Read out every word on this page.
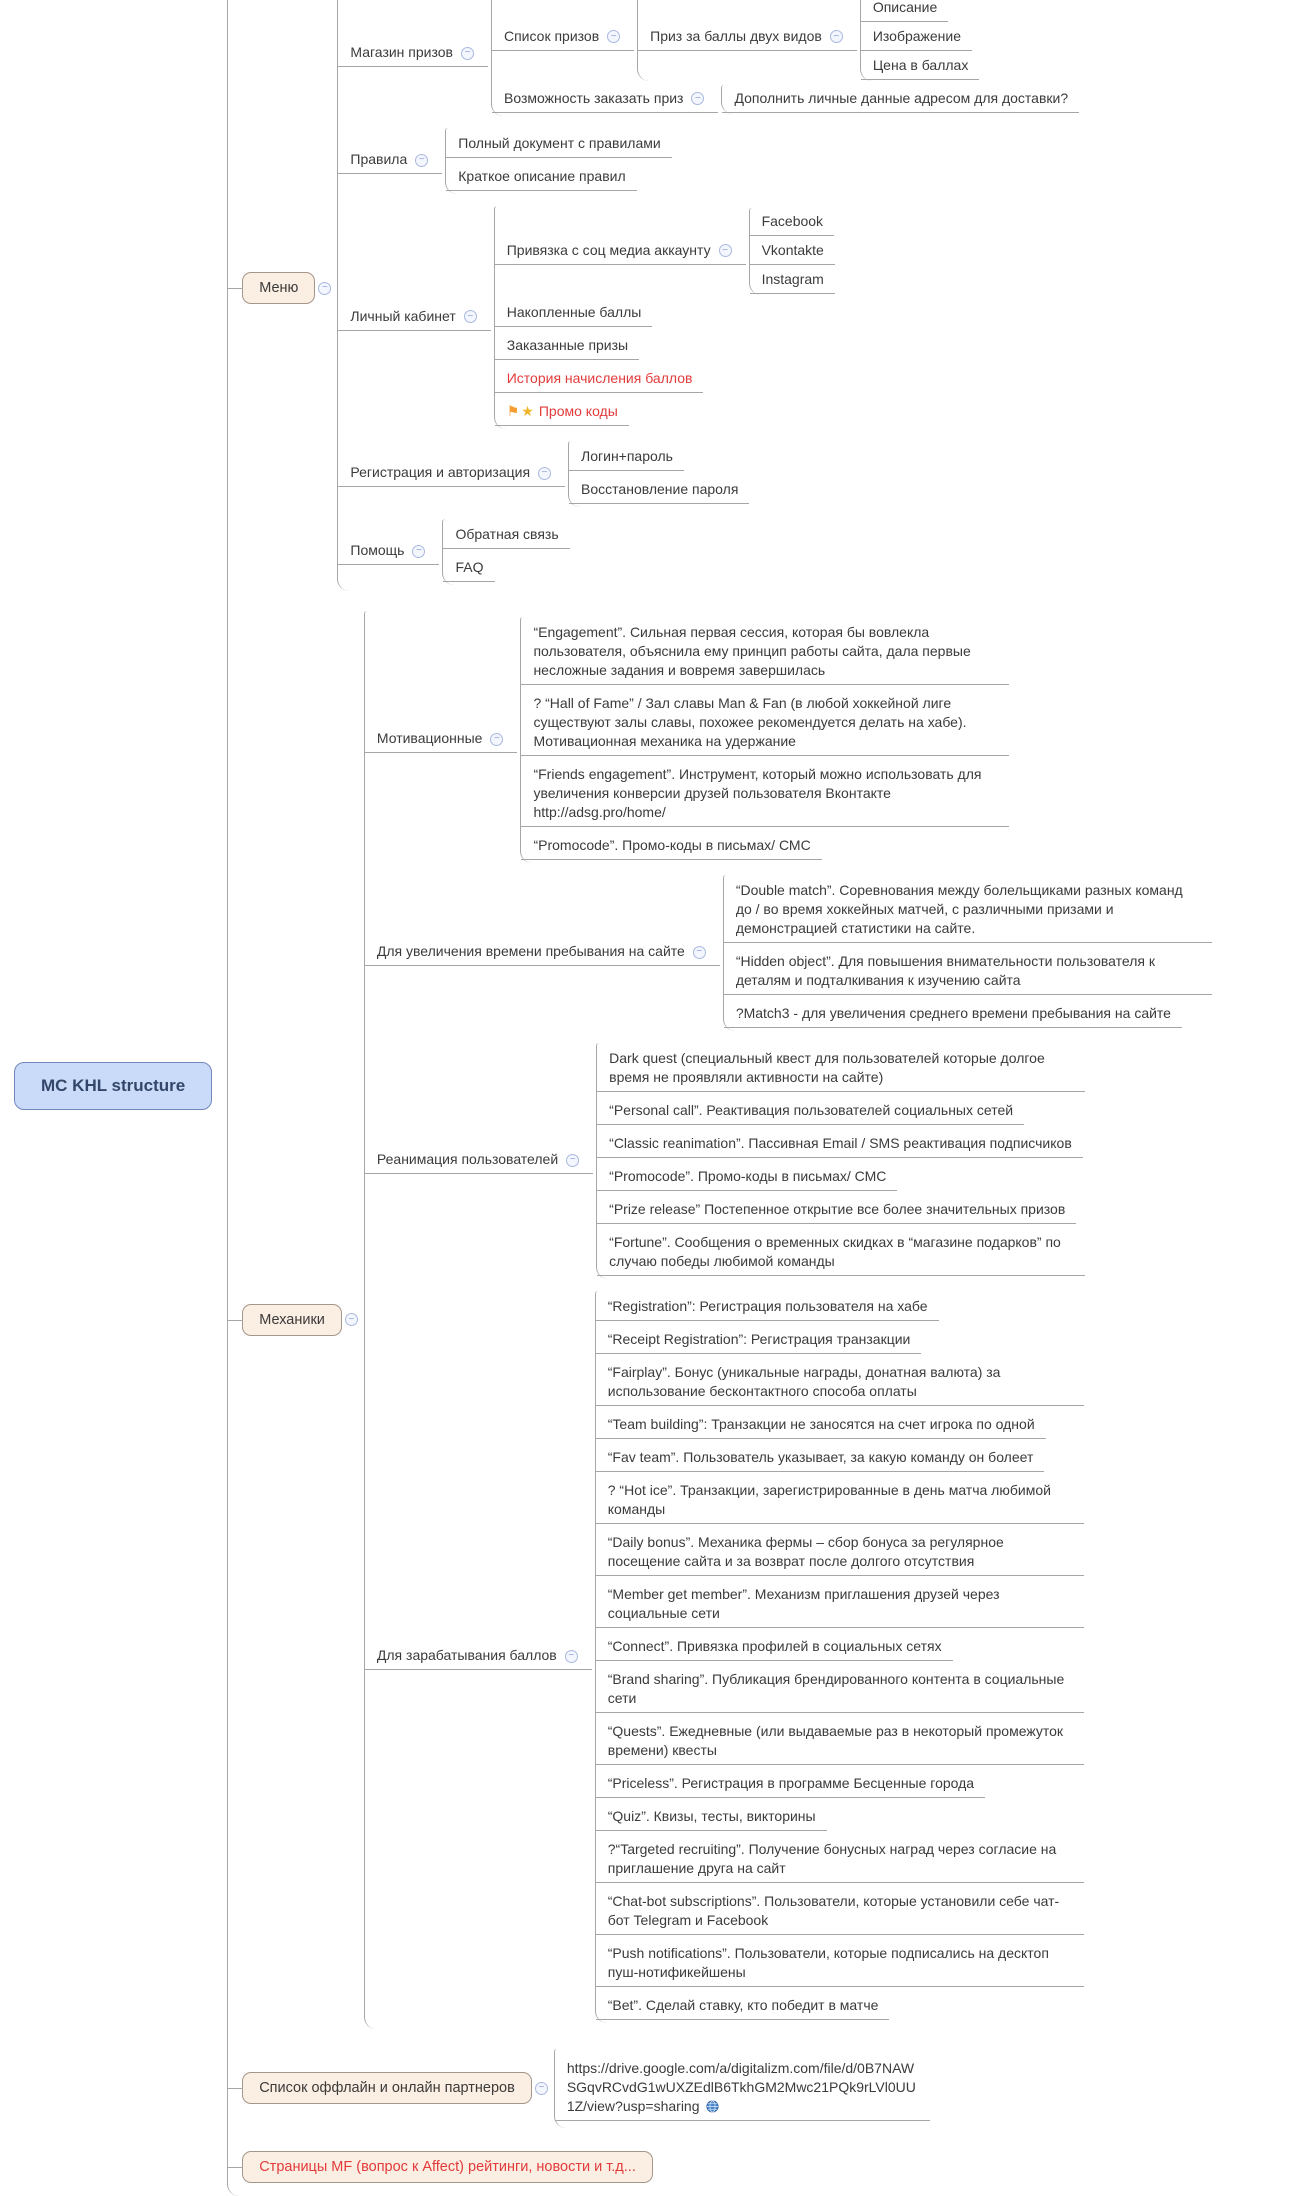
MC KHL structure
Меню	−
Магазин призов −
Список призов −	Приз за баллы двух видов −
Описание
Изображение
Цена в баллах
Возможность заказать приз −	Дополнить личные данные адресом для доставки?
Правила −
Полный документ с правилами
Краткое описание правил
Личный кабинет −
Привязка с соц медиа аккаунту −
Facebook
Vkontakte
Instagram
Накопленные баллы
Заказанные призы
История начисления баллов
⚑ ★ Промо коды
Регистрация и авторизация −
Логин+пароль
Восстановление пароля
Помощь −
Обратная связь
FAQ
Механики	−
Мотивационные −
“Engagement”. Сильная первая сессия, которая бы вовлекла пользователя, объяснила ему принцип работы сайта, дала первые несложные задания и вовремя завершилась
? “Hall of Fame” / Зал славы Man & Fan (в любой хоккейной лиге существуют залы славы, похожее рекомендуется делать на хабе). Мотивационная механика на удержание
“Friends engagement”. Инструмент, который можно использовать для увеличения конверсии друзей пользователя Вконтакте http://adsg.pro/home/
“Promocode”. Промо-коды в письмах/ СМС
Для увеличения времени пребывания на сайте −
“Double match”. Соревнования между болельщиками разных команд до / во время хоккейных матчей, с различными призами и демонстрацией статистики на сайте.
“Hidden object”. Для повышения внимательности пользователя к деталям и подталкивания к изучению сайта
?Match3 - для увеличения среднего времени пребывания на сайте
Реанимация пользователей −
Dark quest (специальный квест для пользователей которые долгое время не проявляли активности на сайте)
“Personal call”. Реактивация пользователей социальных сетей
“Classic reanimation”. Пассивная Email / SMS реактивация подписчиков
“Promocode”. Промо-коды в письмах/ СМС
“Prize release” Постепенное открытие все более значительных призов
“Fortune”. Сообщения о временных скидках в “магазине подарков” по случаю победы любимой команды
Для зарабатывания баллов −
“Registration”: Регистрация пользователя на хабе
“Receipt Registration”: Регистрация транзакции
“Fairplay”. Бонус (уникальные награды, донатная валюта) за использование бесконтактного способа оплаты
“Team building”: Транзакции не заносятся на счет игрока по одной
“Fav team”. Пользователь указывает, за какую команду он болеет
? “Hot ice”. Транзакции, зарегистрированные в день матча любимой команды
“Daily bonus”. Механика фермы – сбор бонуса за регулярное посещение сайта и за возврат после долгого отсутствия
“Member get member”. Механизм приглашения друзей через социальные сети
“Connect”. Привязка профилей в социальных сетях
“Brand sharing”. Публикация брендированного контента в социальные сети
“Quests”. Ежедневные (или выдаваемые раз в некоторый промежуток времени) квесты
“Priceless”. Регистрация в программе Бесценные города
“Quiz”. Квизы, тесты, викторины
?“Targeted recruiting”. Получение бонусных наград через согласие на приглашение друга на сайт
“Chat-bot subscriptions”. Пользователи, которые установили себе чат-бот Telegram и Facebook
“Push notifications”. Пользователи, которые подписались на десктоп пуш-нотификейшены
“Bet”. Сделай ставку, кто победит в матче
Список оффлайн и онлайн партнеров	−
https://drive.google.com/a/digitalizm.com/file/d/0B7NAWSGqvRCvdG1wUXZEdlB6TkhGM2Mwc21PQk9rLVl0UU1Z/view?usp=sharing
Страницы MF (вопрос к Affect) рейтинги, новости и т.д...
